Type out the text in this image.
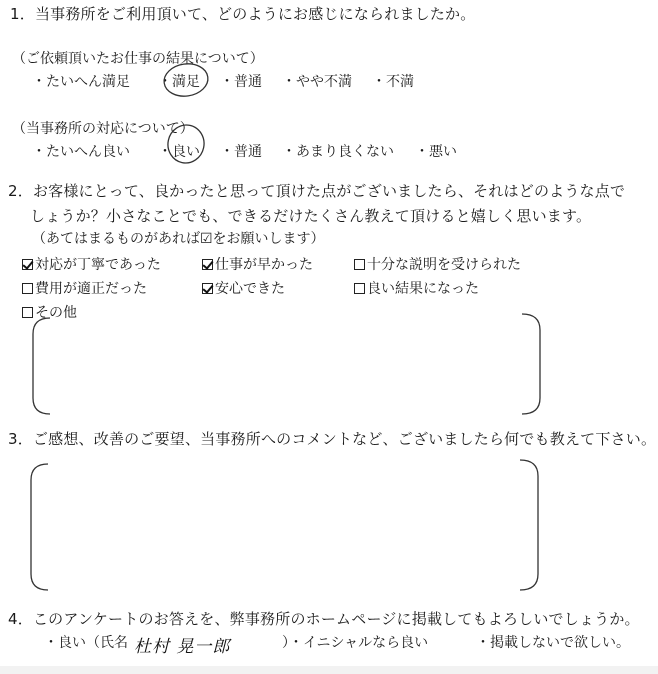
1．当事務所をご利用頂いて、どのようにお感じになられましたか。
（ご依頼頂いたお仕事の結果について）
・たいへん満足 ・満足 ・普通 ・やや不満 ・不満
（当事務所の対応について）
・たいへん良い ・良い ・普通 ・あまり良くない ・悪い
2．お客様にとって、良かったと思って頂けた点がございましたら、それはどのような点で
しょうか？小さなことでも、できるだけたくさん教えて頂けると嬉しく思います。
（あてはまるものがあれば☑をお願いします）
対応が丁寧であった	仕事が早かった	十分な説明を受けられた
費用が適正だった	安心できた	良い結果になった
その他
3．ご感想、改善のご要望、当事務所へのコメントなど、ございましたら何でも教えて下さい。
4．このアンケートのお答えを、弊事務所のホームページに掲載してもよろしいでしょうか。
・良い（氏名 杜村 晃一郎	）・イニシャルなら良い	・掲載しないで欲しい。
